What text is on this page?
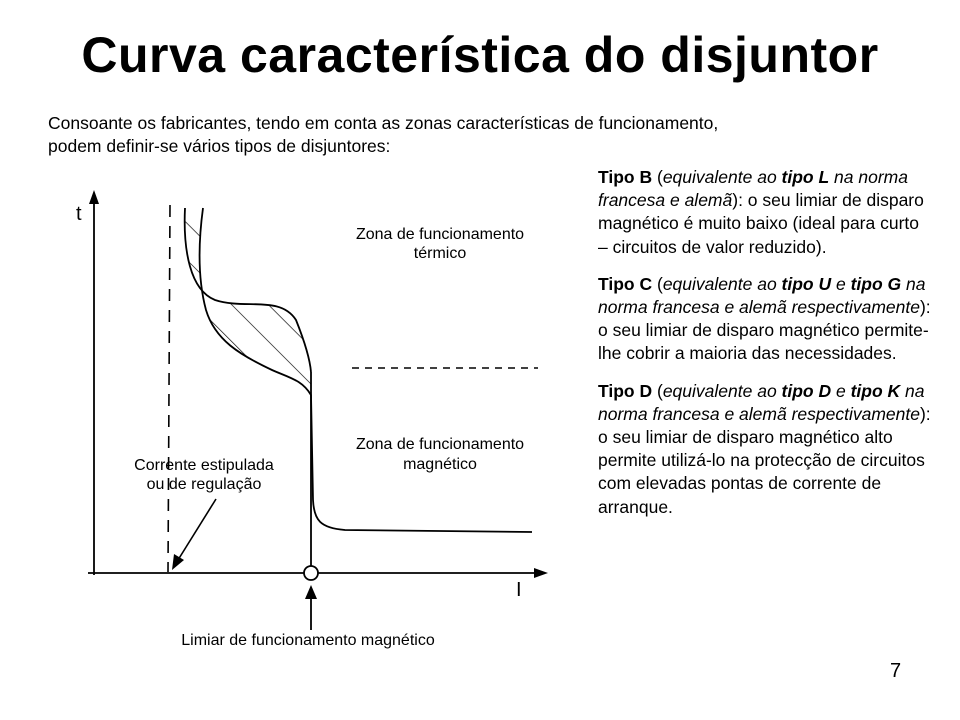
Curva característica do disjuntor
Consoante os fabricantes, tendo em conta as zonas características de funcionamento,
podem definir-se vários tipos de disjuntores:
t
I
Zona de funcionamento
térmico
Zona de funcionamento
magnético
Corrente estipulada
ou de regulação
Limiar de funcionamento magnético

Tipo B (equivalente ao tipo L na norma francesa e alemã): o seu limiar de disparo magnético é muito baixo (ideal para curto – circuitos de valor reduzido).

Tipo C (equivalente ao tipo U e tipo G na norma francesa e alemã respectivamente): o seu limiar de disparo magnético permite-lhe cobrir a maioria das necessidades.

Tipo D (equivalente ao tipo D e tipo K na norma francesa e alemã respectivamente): o seu limiar de disparo magnético alto permite utilizá-lo na protecção de circuitos com elevadas pontas de corrente de arranque.

7
